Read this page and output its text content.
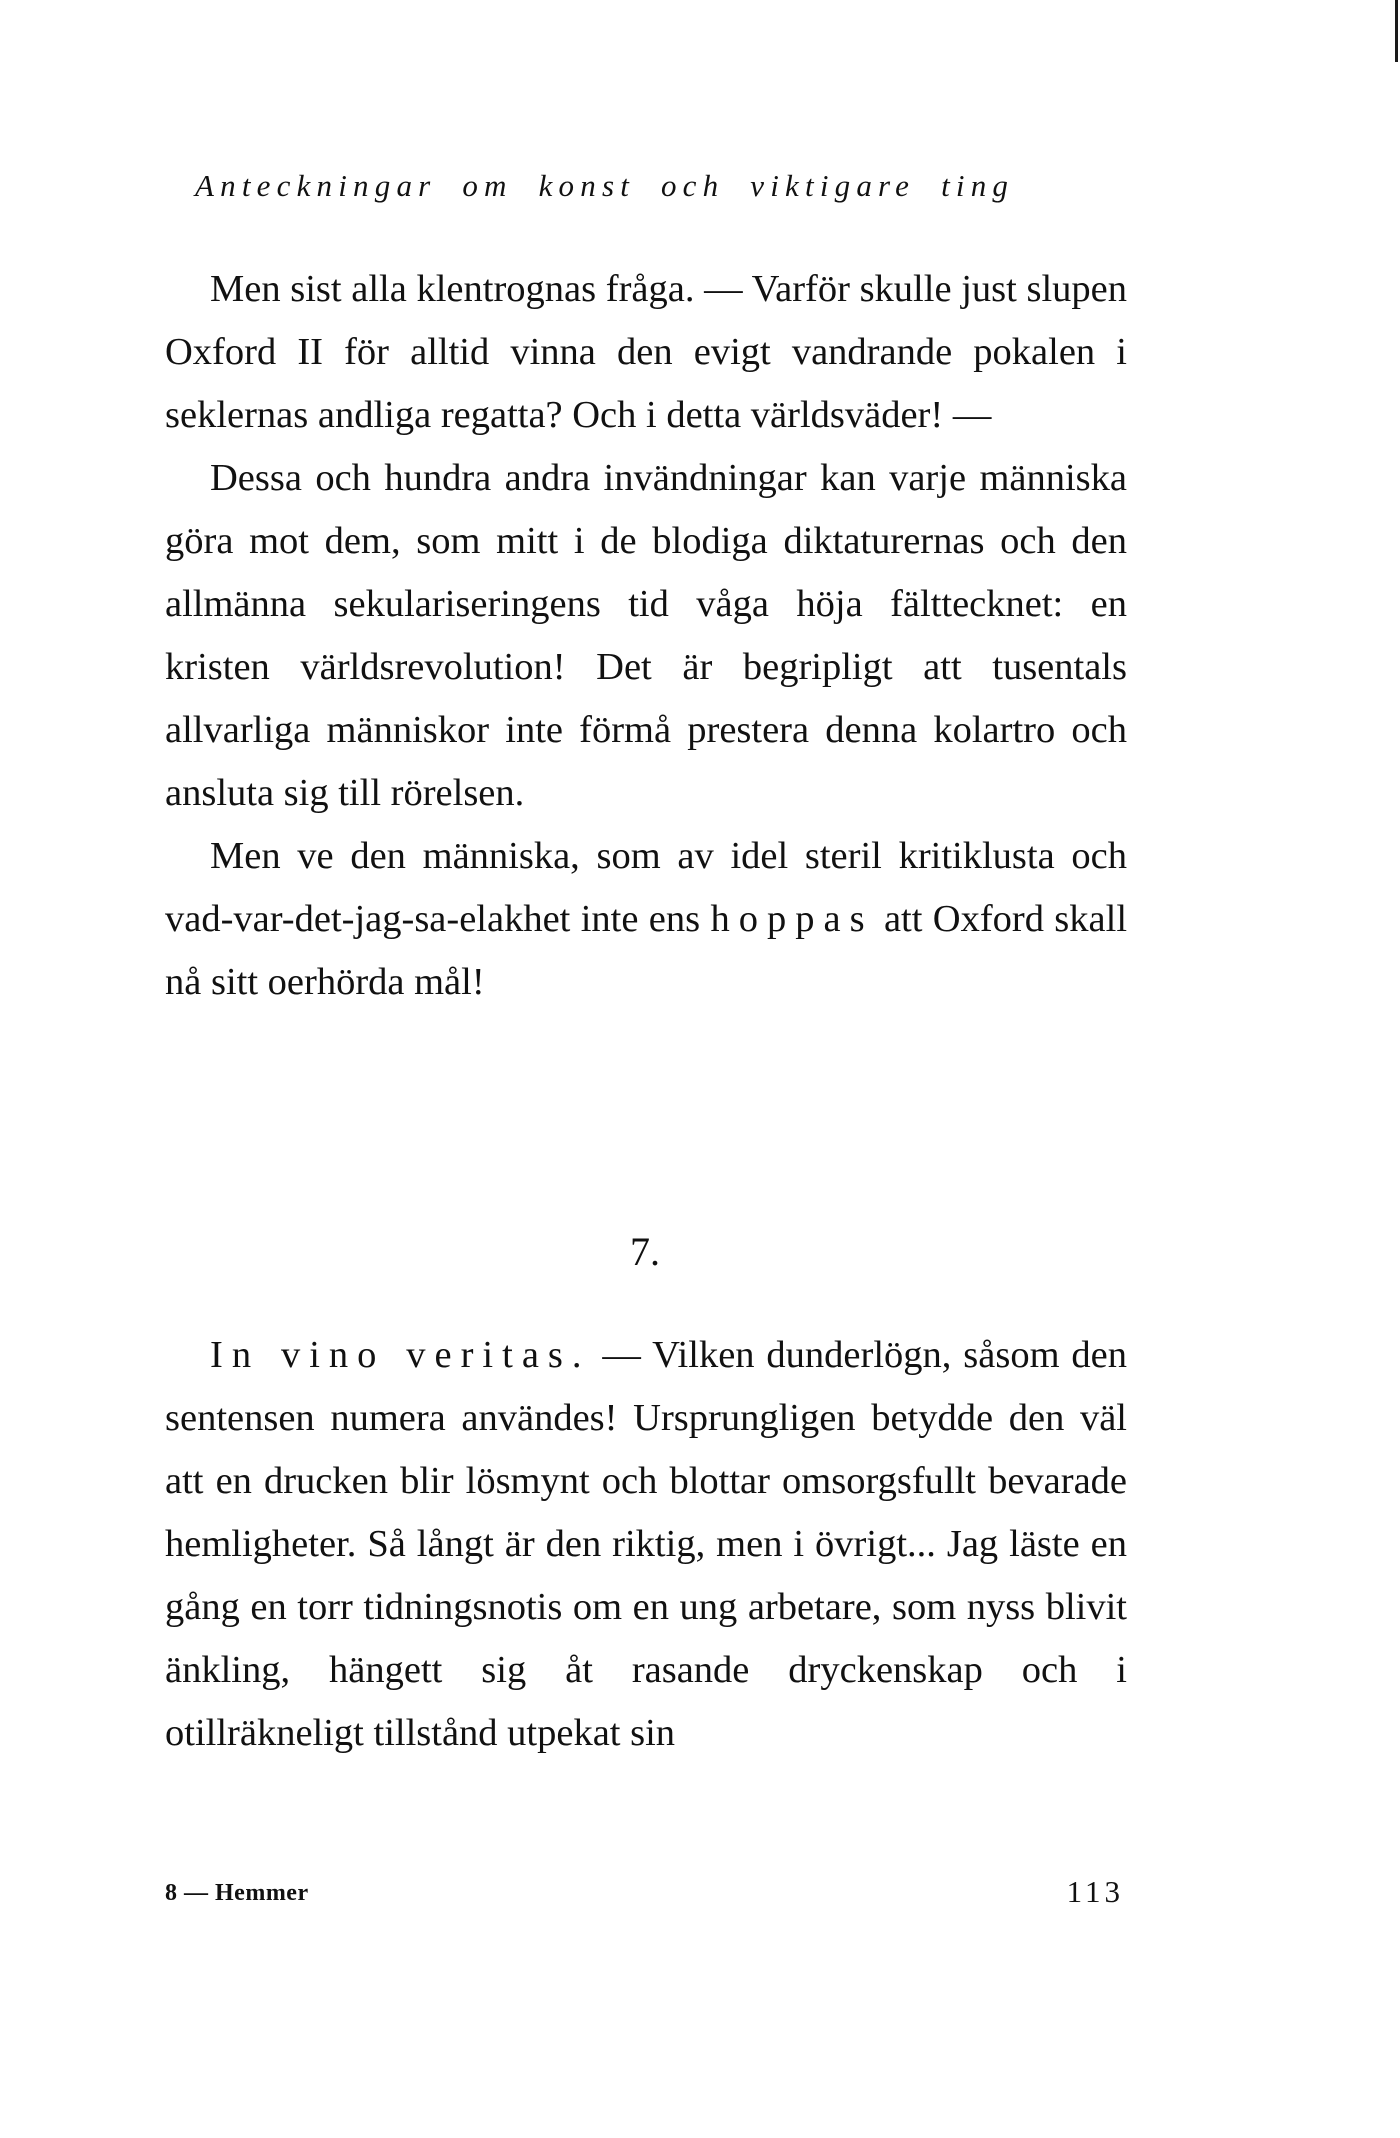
Anteckningar om konst och viktigare ting

Men sist alla klentrognas fråga. — Varför skulle just slupen Oxford II för alltid vinna den evigt vandrande pokalen i seklernas andliga regatta? Och i detta världsväder! —

Dessa och hundra andra invändningar kan varje människa göra mot dem, som mitt i de blodiga diktaturernas och den allmänna sekulariseringens tid våga höja fälttecknet: en kristen världsrevolution! Det är begripligt att tusentals allvarliga människor inte förmå prestera denna kolartro och ansluta sig till rörelsen.

Men ve den människa, som av idel steril kritiklusta och vad-var-det-jag-sa-elakhet inte ens hoppas att Oxford skall nå sitt oerhörda mål!

7.

In vino veritas. — Vilken dunderlögn, såsom den sentensen numera användes! Ursprungligen betydde den väl att en drucken blir lösmynt och blottar omsorgsfullt bevarade hemligheter. Så långt är den riktig, men i övrigt... Jag läste en gång en torr tidningsnotis om en ung arbetare, som nyss blivit änkling, hängett sig åt rasande dryckenskap och i otillräkneligt tillstånd utpekat sin

8 — Hemmer	113
